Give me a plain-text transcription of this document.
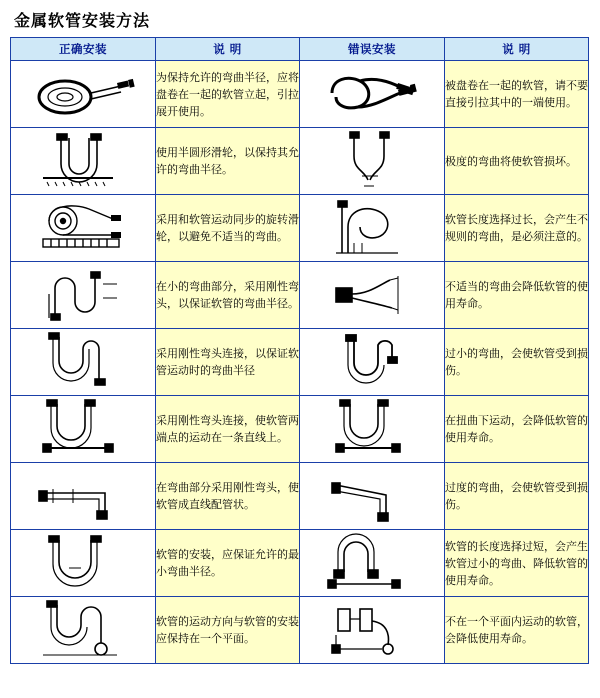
金属软管安装方法
正确安装	说 明	错误安装	说 明

	为保持允许的弯曲半径，应将盘卷在一起的软管立起，引拉展开使用。		被盘卷在一起的软管，请不要直接引拉其中的一端使用。

	使用半圆形滑轮，以保持其允许的弯曲半径。		极度的弯曲将使软管损坏。

	采用和软管运动同步的旋转滑轮，以避免不适当的弯曲。		软管长度选择过长，会产生不规则的弯曲，是必须注意的。

	在小的弯曲部分，采用刚性弯头，以保证软管的弯曲半径。		不适当的弯曲会降低软管的使用寿命。

	采用刚性弯头连接，以保证软管运动时的弯曲半径		过小的弯曲，会使软管受到损伤。

	采用刚性弯头连接，使软管两端点的运动在一条直线上。		在扭曲下运动，会降低软管的使用寿命。

	在弯曲部分采用刚性弯头，使软管成直线配管状。		过度的弯曲，会使软管受到损伤。

	软管的安装，应保证允许的最小弯曲半径。		软管的长度选择过短，会产生软管过小的弯曲、降低软管的使用寿命。

	软管的运动方向与软管的安装应保持在一个平面。		不在一个平面内运动的软管，会降低使用寿命。
